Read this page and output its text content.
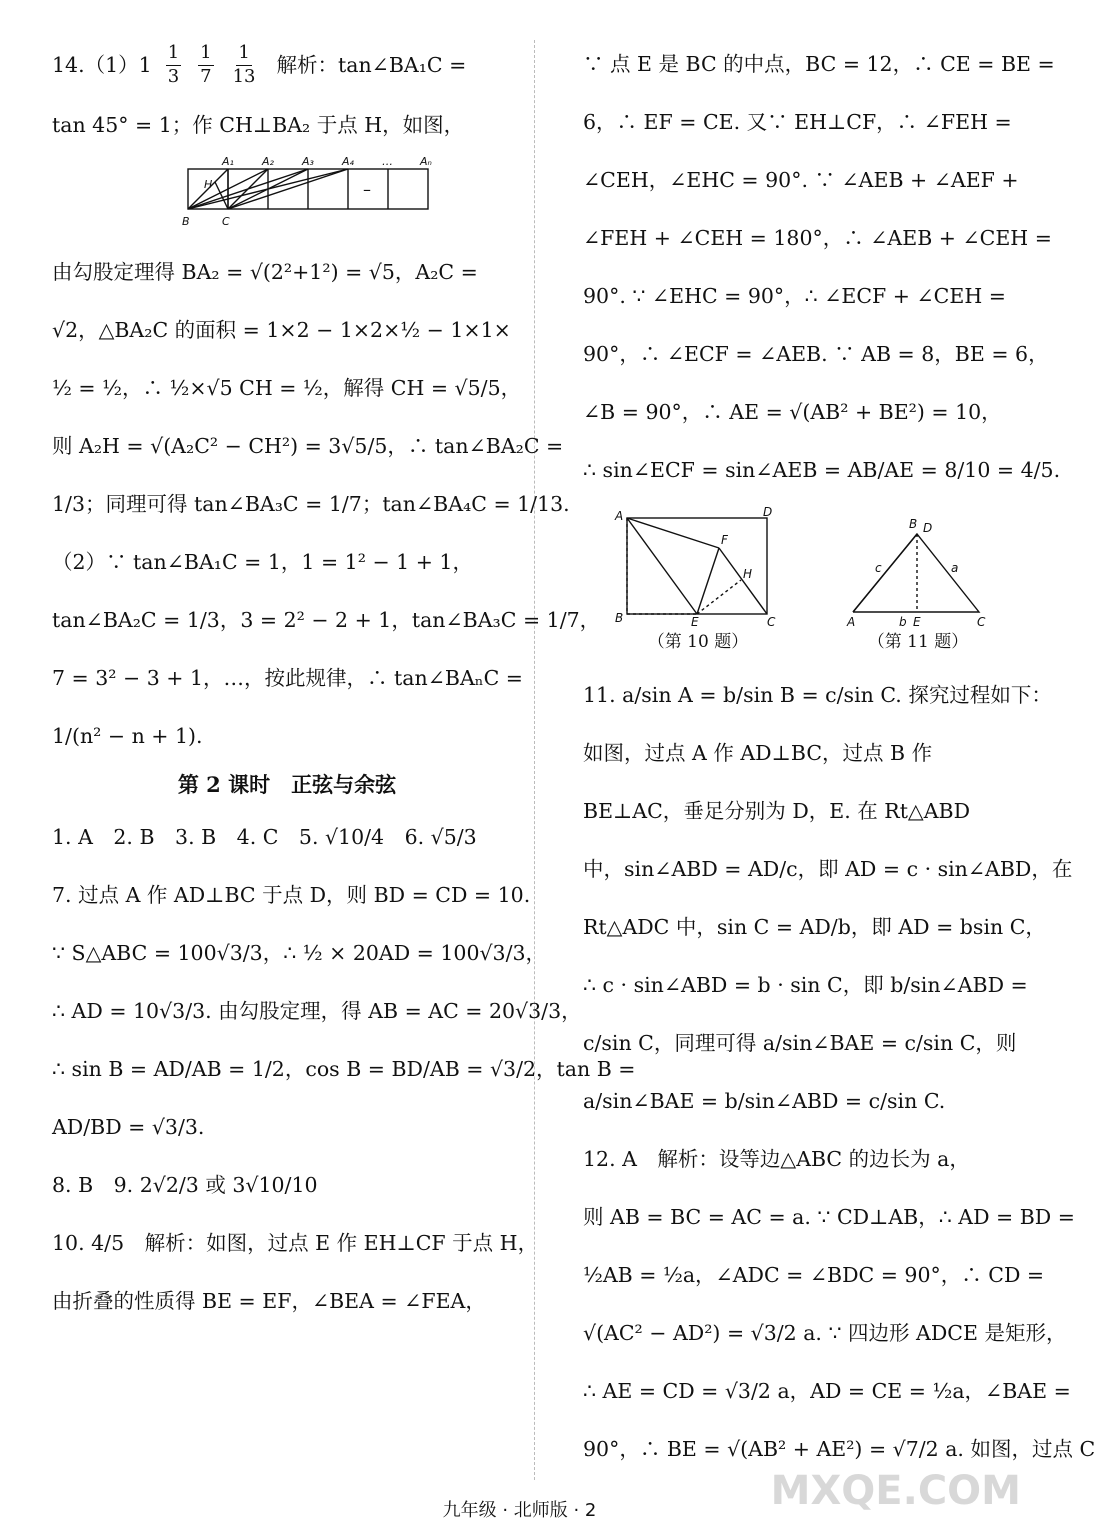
14.（1）1
1
3
1
7
1
13 解析：tan∠BA₁C =
tan 45° = 1；作 CH⊥BA₂ 于点 H，如图，
A₁	A₂	A₃	A₄	… Aₙ
B	C
H	–
由勾股定理得 BA₂ = √(2²+1²) = √5，A₂C =
√2，△BA₂C 的面积 = 1×2 − 1×2×½ − 1×1×
½ = ½，∴ ½×√5 CH = ½，解得 CH = √5/5，
则 A₂H = √(A₂C² − CH²) = 3√5/5，∴ tan∠BA₂C =
1/3；同理可得 tan∠BA₃C = 1/7；tan∠BA₄C = 1/13.
（2）∵ tan∠BA₁C = 1，1 = 1² − 1 + 1，
tan∠BA₂C = 1/3，3 = 2² − 2 + 1，tan∠BA₃C = 1/7，
7 = 3² − 3 + 1，…，按此规律，∴ tan∠BAₙC =
1/(n² − n + 1).
第 2 课时　正弦与余弦
1. A　2. B　3. B　4. C　5. √10/4　6. √5/3
7. 过点 A 作 AD⊥BC 于点 D，则 BD = CD = 10.
∵ S△ABC = 100√3/3，∴ ½ × 20AD = 100√3/3，
∴ AD = 10√3/3. 由勾股定理，得 AB = AC = 20√3/3，
∴ sin B = AD/AB = 1/2，cos B = BD/AB = √3/2，tan B =
AD/BD = √3/3.
8. B　9. 2√2/3 或 3√10/10
10. 4/5　解析：如图，过点 E 作 EH⊥CF 于点 H，
由折叠的性质得 BE = EF，∠BEA = ∠FEA，
∵ 点 E 是 BC 的中点，BC = 12，∴ CE = BE =
6，∴ EF = CE. 又∵ EH⊥CF，∴ ∠FEH =
∠CEH，∠EHC = 90°. ∵ ∠AEB + ∠AEF +
∠FEH + ∠CEH = 180°，∴ ∠AEB + ∠CEH =
90°. ∵ ∠EHC = 90°，∴ ∠ECF + ∠CEH =
90°，∴ ∠ECF = ∠AEB. ∵ AB = 8，BE = 6，
∠B = 90°，∴ AE = √(AB² + BE²) = 10，
∴ sin∠ECF = sin∠AEB = AB/AE = 8/10 = 4/5.
A	D
F
H
B	E	C
（第 10 题）
B D
c	a
A	b E	C
（第 11 题）
11. a/sin A = b/sin B = c/sin C. 探究过程如下：
如图，过点 A 作 AD⊥BC，过点 B 作
BE⊥AC，垂足分别为 D，E. 在 Rt△ABD
中，sin∠ABD = AD/c，即 AD = c · sin∠ABD，在
Rt△ADC 中，sin C = AD/b，即 AD = bsin C，
∴ c · sin∠ABD = b · sin C，即 b/sin∠ABD =
c/sin C，同理可得 a/sin∠BAE = c/sin C，则
a/sin∠BAE = b/sin∠ABD = c/sin C.
12. A　解析：设等边△ABC 的边长为 a，
则 AB = BC = AC = a. ∵ CD⊥AB，∴ AD = BD =
½AB = ½a，∠ADC = ∠BDC = 90°，∴ CD =
√(AC² − AD²) = √3/2 a. ∵ 四边形 ADCE 是矩形，
∴ AE = CD = √3/2 a，AD = CE = ½a，∠BAE =
90°，∴ BE = √(AB² + AE²) = √7/2 a. 如图，过点 C
九年级 · 北师版 · 2	MXQE.COM
